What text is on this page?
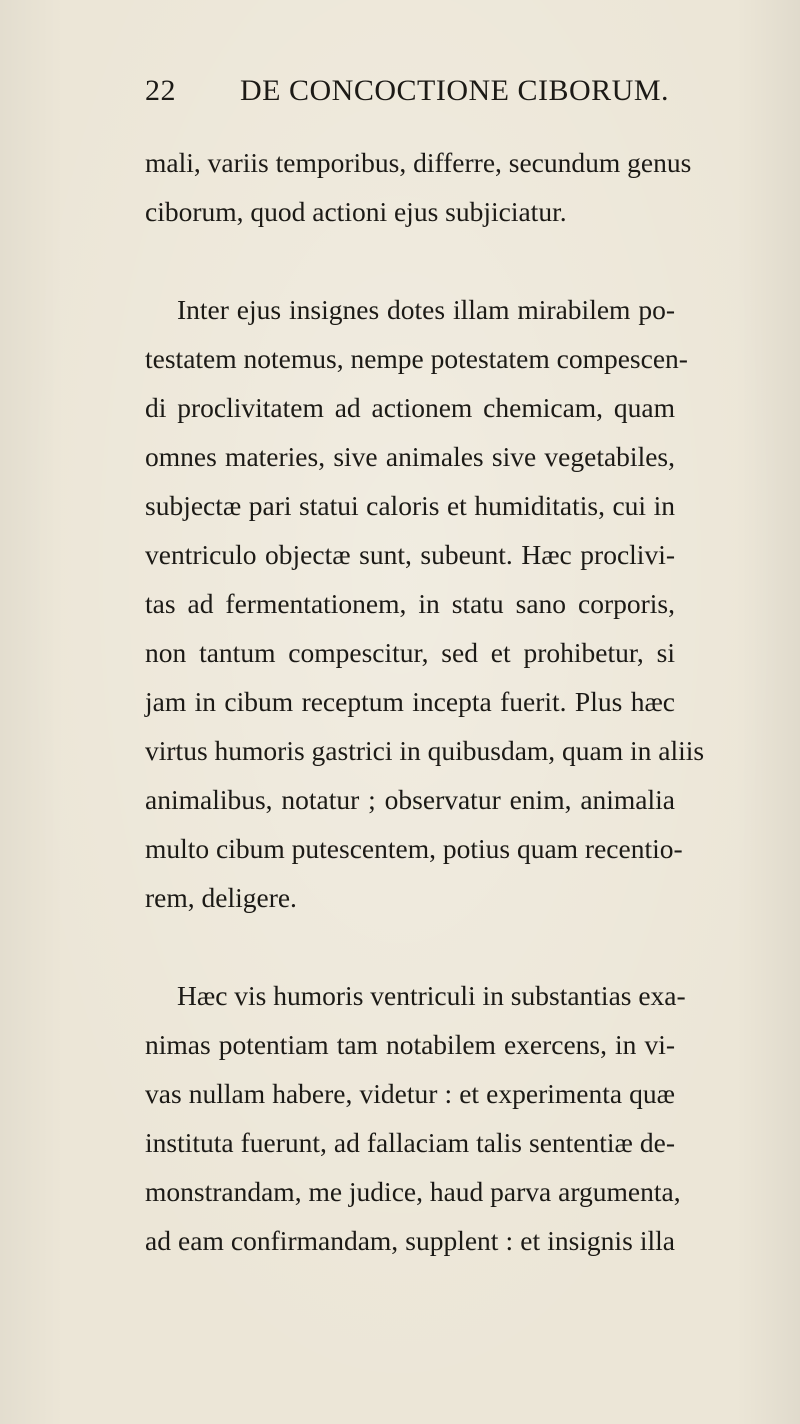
22 DE CONCOCTIONE CIBORUM.
mali, variis temporibus, differre, secundum genus
ciborum, quod actioni ejus subjiciatur.
Inter ejus insignes dotes illam mirabilem po-
testatem notemus, nempe potestatem compescen-
di proclivitatem ad actionem chemicam, quam
omnes materies, sive animales sive vegetabiles,
subjectæ pari statui caloris et humiditatis, cui in
ventriculo objectæ sunt, subeunt. Hæc proclivi-
tas ad fermentationem, in statu sano corporis,
non tantum compescitur, sed et prohibetur, si
jam in cibum receptum incepta fuerit. Plus hæc
virtus humoris gastrici in quibusdam, quam in aliis
animalibus, notatur ; observatur enim, animalia
multo cibum putescentem, potius quam recentio-
rem, deligere.
Hæc vis humoris ventriculi in substantias exa-
nimas potentiam tam notabilem exercens, in vi-
vas nullam habere, videtur : et experimenta quæ
instituta fuerunt, ad fallaciam talis sententiæ de-
monstrandam, me judice, haud parva argumenta,
ad eam confirmandam, supplent : et insignis illa
